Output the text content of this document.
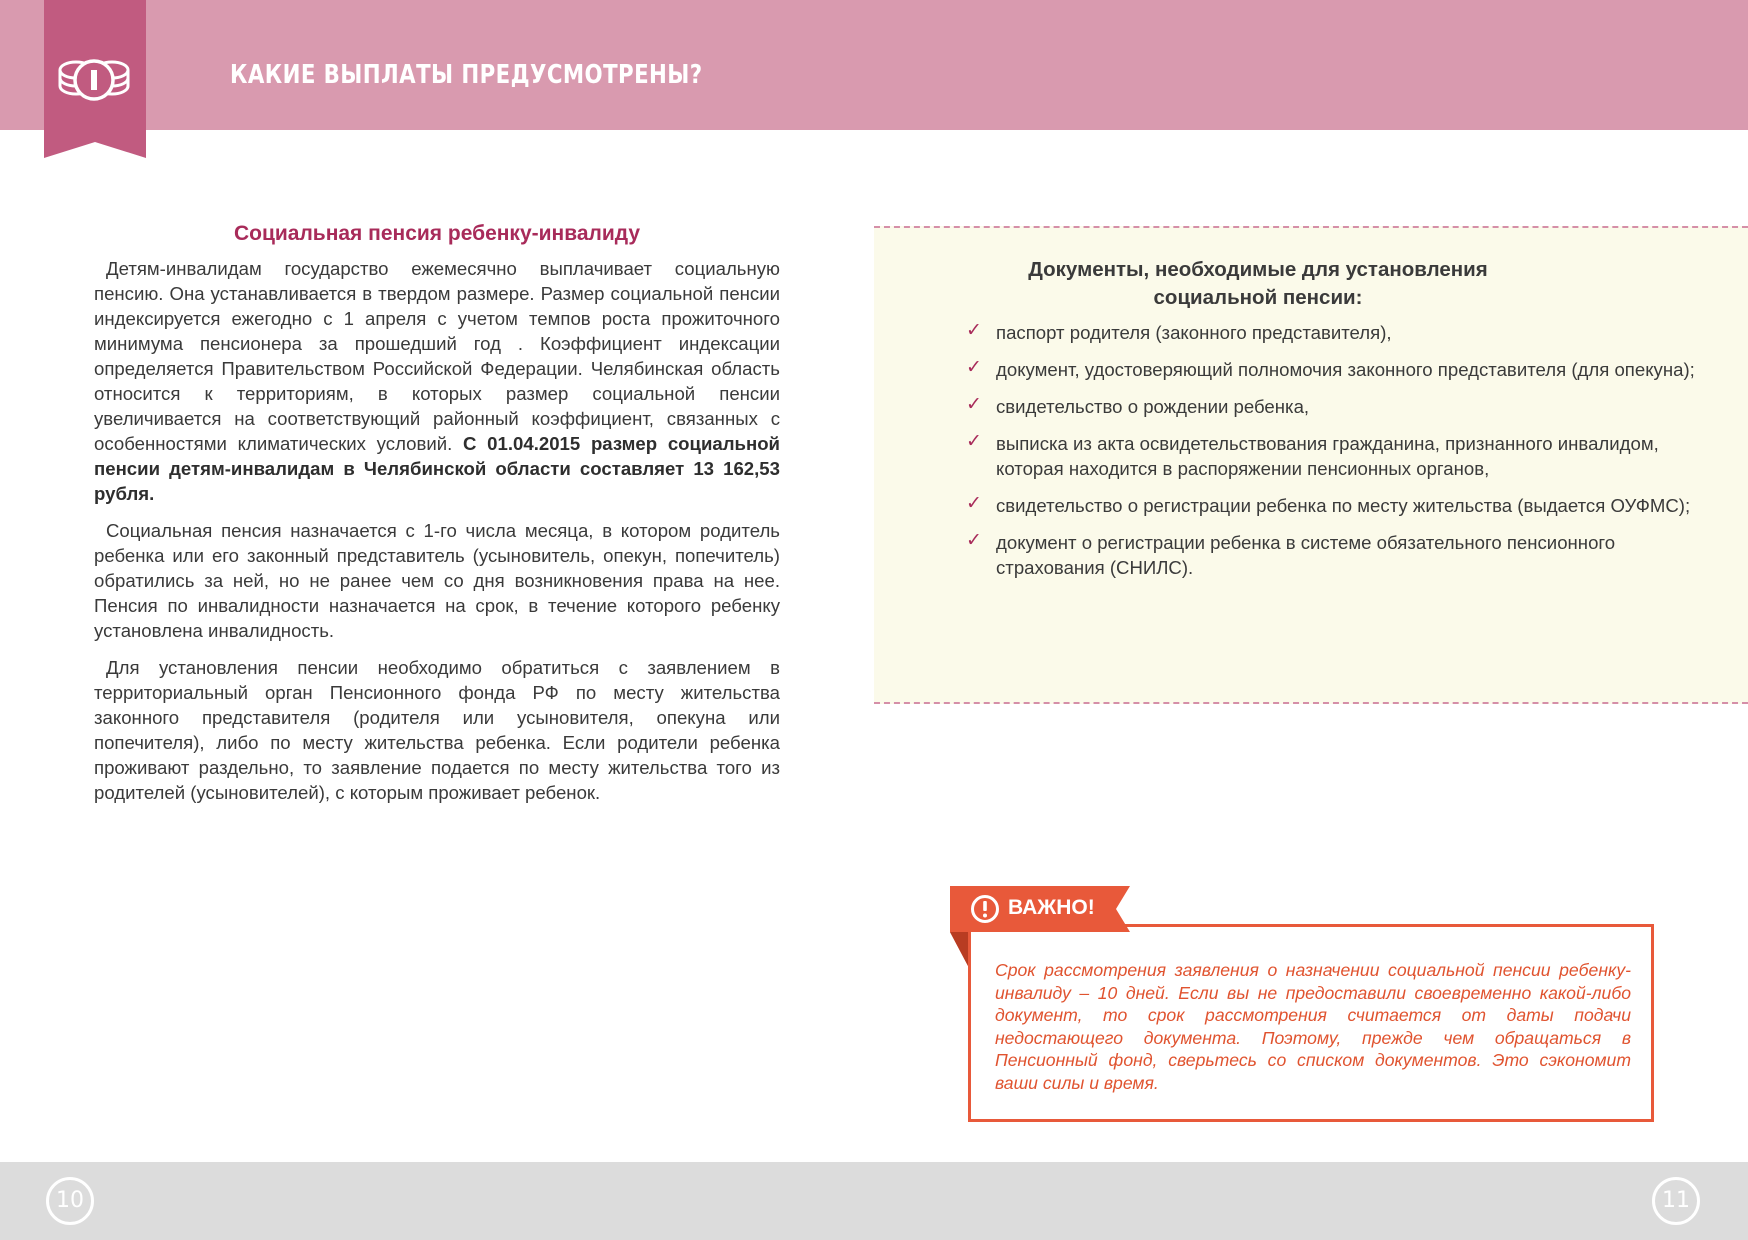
КАКИЕ ВЫПЛАТЫ ПРЕДУСМОТРЕНЫ?
Социальная пенсия ребенку-инвалиду

Детям-инвалидам государство ежемесячно выплачивает социальную пенсию. Она устанавливается в твердом размере. Размер социальной пенсии индексируется ежегодно с 1 апреля с учетом темпов роста прожиточного минимума пенсионера за прошедший год . Коэффициент индексации определяется Правительством Российской Федерации. Челябинская область относится к территориям, в которых размер социальной пенсии увеличивается на соответствующий районный коэффициент, связанных с особенностями климатических условий. С 01.04.2015 размер социальной пенсии детям-инвалидам в Челябинской области составляет 13 162,53 рубля.

Социальная пенсия назначается с 1-го числа месяца, в котором родитель ребенка или его законный представитель (усыновитель, опекун, попечитель) обратились за ней, но не ранее чем со дня возникновения права на нее. Пенсия по инвалидности назначается на срок, в течение которого ребенку установлена инвалидность.

Для установления пенсии необходимо обратиться с заявлением в территориальный орган Пенсионного фонда РФ по месту жительства законного представителя (родителя или усыновителя, опекуна или попечителя), либо по месту жительства ребенка. Если родители ребенка проживают раздельно, то заявление подается по месту жительства того из родителей (усыновителей), с которым проживает ребенок.

Документы, необходимые для установления
социальной пенсии:
✓ паспорт родителя (законного представителя),
✓ документ, удостоверяющий полномочия законного представителя (для опекуна);
✓ свидетельство о рождении ребенка,
✓ выписка из акта освидетельствования гражданина, признанного инвалидом, которая находится в распоряжении пенсионных органов,
✓ свидетельство о регистрации ребенка по месту жительства (выдается ОУФМС);
✓ документ о регистрации ребенка в системе обязательного пенсионного страхования (СНИЛС).
Срок рассмотрения заявления о назначении социальной пенсии ребенку-инвалиду – 10 дней. Если вы не предоставили своевременно какой-либо документ, то срок рассмотрения считается от даты подачи недостающего документа. Поэтому, прежде чем обращаться в Пенсионный фонд, сверьтесь со списком документов. Это сэкономит ваши силы и время.
ВАЖНО!
10	11
